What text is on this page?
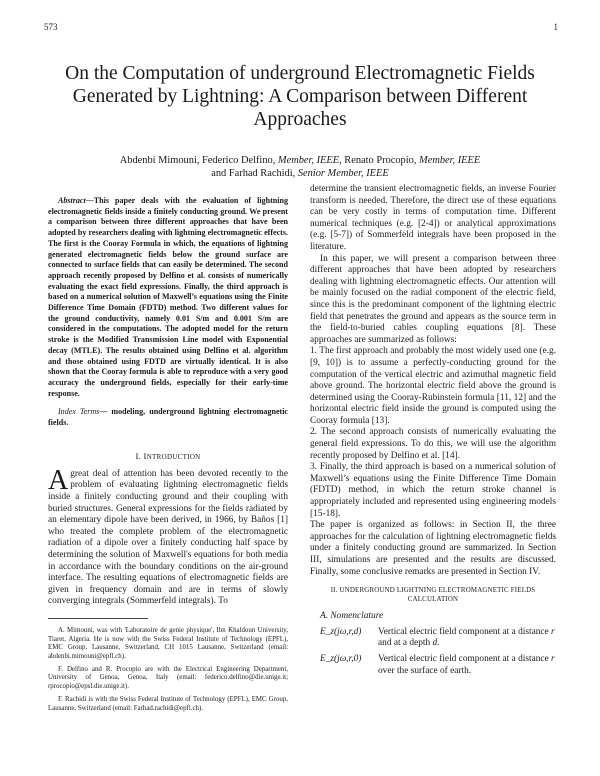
573	1
On the Computation of underground Electromagnetic Fields Generated by Lightning: A Comparison between Different Approaches
Abdenbi Mimouni, Federico Delfino, Member, IEEE, Renato Procopio, Member, IEEE
and Farhad Rachidi, Senior Member, IEEE

Abstract—This paper deals with the evaluation of lightning electromagnetic fields inside a finitely conducting ground. We present a comparison between three different approaches that have been adopted by researchers dealing with lightning electromagnetic effects. The first is the Cooray Formula in which, the equations of lightning generated electromagnetic fields below the ground surface are connected to surface fields that can easily be determined. The second approach recently proposed by Delfino et al. consists of numerically evaluating the exact field expressions. Finally, the third approach is based on a numerical solution of Maxwell’s equations using the Finite Difference Time Domain (FDTD) method. Two different values for the ground conductivity, namely 0.01 S/m and 0.001 S/m are considered in the computations. The adopted model for the return stroke is the Modified Transmission Line model with Exponential decay (MTLE). The results obtained using Delfino et al. algorithm and those obtained using FDTD are virtually identical. It is also shown that the Cooray formula is able to reproduce with a very good accuracy the underground fields, especially for their early-time response.

Index Terms— modeling, underground lightning electromagnetic fields.

I. INTRODUCTION

Agreat deal of attention has been devoted recently to the problem of evaluating lightning electromagnetic fields inside a finitely conducting ground and their coupling with buried structures. General expressions for the fields radiated by an elementary dipole have been derived, in 1966, by Baños [1] who treated the complete problem of the electromagnetic radiation of a dipole over a finitely conducting half space by determining the solution of Maxwell's equations for both media in accordance with the boundary conditions on the air-ground interface. The resulting equations of electromagnetic fields are given in frequency domain and are in terms of slowly converging integrals (Sommerfeld integrals). To

A. Mimouni, was with 'Laboratoire de genie physique', Ibn Khaldoun University, Tiaret, Algeria. He is now with the Swiss Federal Institute of Technology (EPFL), EMC Group, Lausanne, Switzerland, CH 1015 Lausanne, Switzerland (email: abdenbi.mimouni@epfl.ch).

F. Delfino and R. Procopio are with the Electrical Engineering Department, University of Genoa, Genoa, Italy (email: federico.delfino@die.unige.it; rprocopio@epsl.die.unige.it).

F. Rachidi is with the Swiss Federal Institute of Technology (EPFL), EMC Group, Lausanne, Switzerland (email: Farhad.rachidi@epfl.ch).

determine the transient electromagnetic fields, an inverse Fourier transform is needed. Therefore, the direct use of these equations can be very costly in terms of computation time. Different numerical techniques (e.g. [2-4]) or analytical approximations (e.g. [5-7]) of Sommerfeld integrals have been proposed in the literature.

In this paper, we will present a comparison between three different approaches that have been adopted by researchers dealing with lightning electromagnetic effects. Our attention will be mainly focused on the radial component of the electric field, since this is the predominant component of the lightning electric field that penetrates the ground and appears as the source term in the field-to-buried cables coupling equations [8]. These approaches are summarized as follows:

1. The first approach and probably the most widely used one (e.g. [9, 10]) is to assume a perfectly-conducting ground for the computation of the vertical electric and azimuthal magnetic field above ground. The horizontal electric field above the ground is determined using the Cooray-Rubinstein formula [11, 12] and the horizontal electric field inside the ground is computed using the Cooray formula [13].

2. The second approach consists of numerically evaluating the general field expressions. To do this, we will use the algorithm recently proposed by Delfino et al. [14].

3. Finally, the third approach is based on a numerical solution of Maxwell’s equations using the Finite Difference Time Domain (FDTD) method, in which the return stroke channel is appropriately included and represented using engineering models [15-18].

The paper is organized as follows: in Section II, the three approaches for the calculation of lightning electromagnetic fields under a finitely conducting ground are summarized. In Section III, simulations are presented and the results are discussed. Finally, some conclusive remarks are presented in Section IV.

II. UNDERGROUND LIGHTNING ELECTROMAGNETIC FIELDS CALCULATION
A. Nomenclature
E_z(jω,r,d)	Vertical electric field component at a distance r and at a depth d.
E_z(jω,r,0)	Vertical electric field component at a distance r over the surface of earth.
